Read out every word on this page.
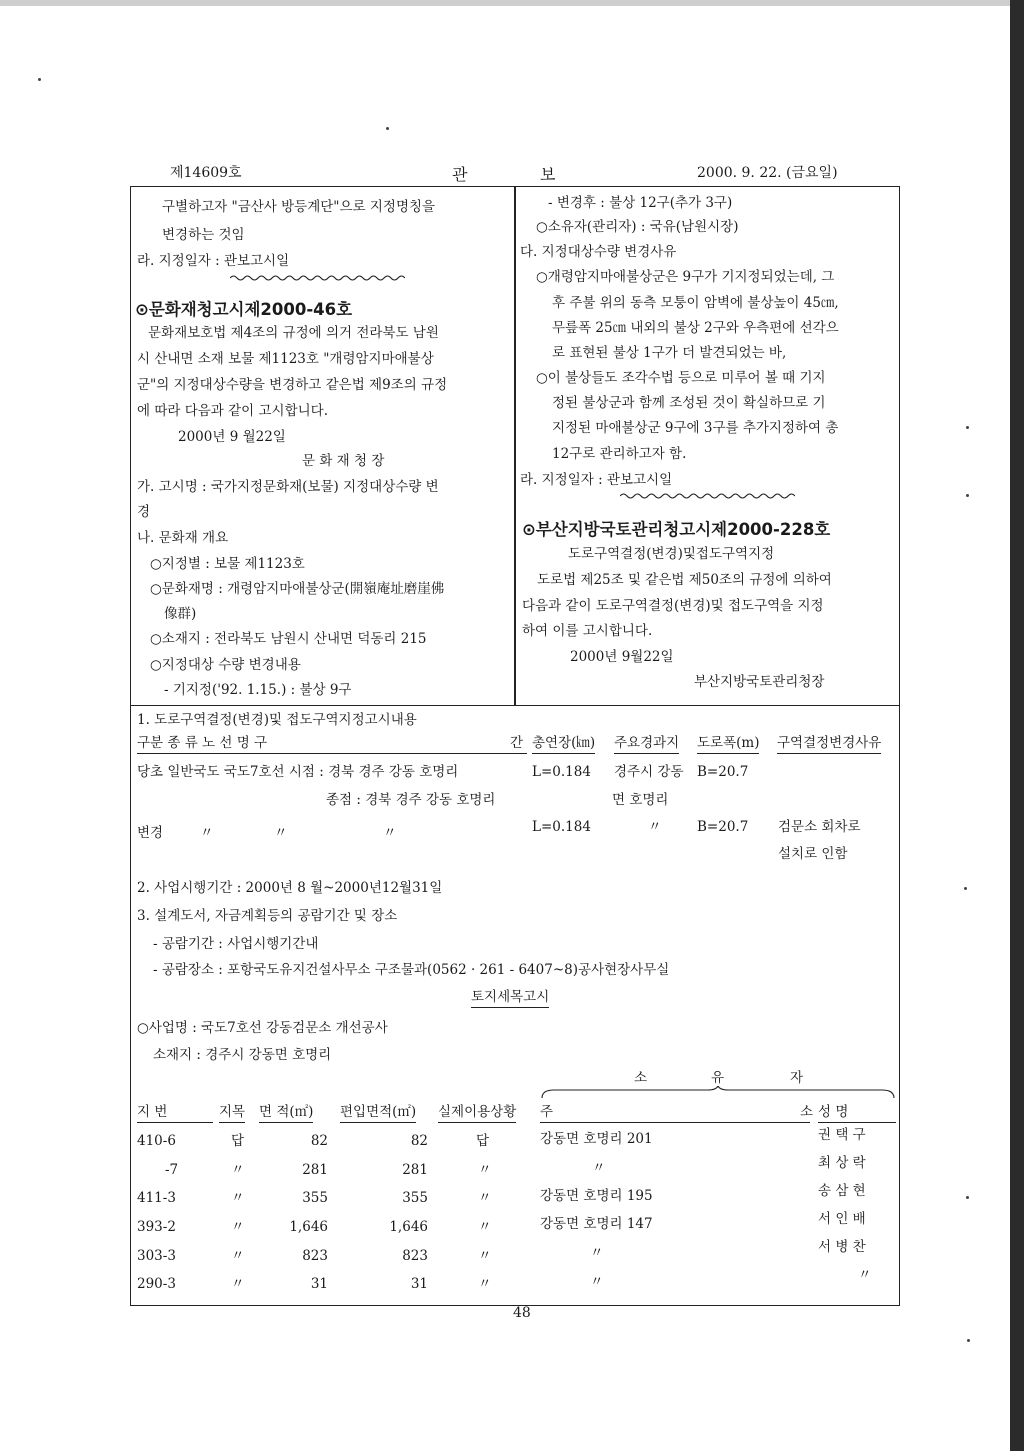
제14609호	관	보	2000. 9. 22. (금요일)
구별하고자 "금산사 방등계단"으로 지정명칭을
변경하는 것임
라. 지정일자 : 관보고시일
⊙문화재청고시제2000-46호
문화재보호법 제4조의 규정에 의거 전라북도 남원
시 산내면 소재 보물 제1123호 "개령암지마애불상
군"의 지정대상수량을 변경하고 같은법 제9조의 규정
에 따라 다음과 같이 고시합니다.
2000년 9 월22일
문 화 재 청 장
가. 고시명 : 국가지정문화재(보물) 지정대상수량 변
경
나. 문화재 개요
○지정별 : 보물 제1123호
○문화재명 : 개령암지마애불상군(開嶺庵址磨崖佛
像群)
○소재지 : 전라북도 남원시 산내면 덕동리 215
○지정대상 수량 변경내용
- 기지정('92. 1.15.) : 불상 9구
- 변경후 : 불상 12구(추가 3구)
○소유자(관리자) : 국유(남원시장)
다. 지정대상수량 변경사유
○개령암지마애불상군은 9구가 기지정되었는데, 그
후 주불 위의 동측 모퉁이 암벽에 불상높이 45㎝,
무릎폭 25㎝ 내외의 불상 2구와 우측편에 선각으
로 표현된 불상 1구가 더 발견되었는 바,
○이 불상들도 조각수법 등으로 미루어 볼 때 기지
정된 불상군과 함께 조성된 것이 확실하므로 기
지정된 마애불상군 9구에 3구를 추가지정하여 총
12구로 관리하고자 함.
라. 지정일자 : 관보고시일
⊙부산지방국토관리청고시제2000-228호
도로구역결정(변경)및접도구역지정
도로법 제25조 및 같은법 제50조의 규정에 의하여
다음과 같이 도로구역결정(변경)및 접도구역을 지정
하여 이를 고시합니다.
2000년 9월22일
부산지방국토관리청장
1. 도로구역결정(변경)및 접도구역지정고시내용
구분 종 류 노 선 명 구	간 총연장(㎞) 주요경과지 도로폭(m) 구역결정변경사유
당초 일반국도 국도7호선 시점 : 경북 경주 강동 호명리	L=0.184 경주시 강동 B=20.7
종점 : 경북 경주 강동 호명리	면 호명리
변경	〃	〃	〃	L=0.184	〃	B=20.7 검문소 회차로
설치로 인함
2. 사업시행기간 : 2000년 8 월~2000년12월31일
3. 설계도서, 자금계획등의 공람기간 및 장소
- 공람기간 : 사업시행기간내
- 공람장소 : 포항국도유지건설사무소 구조물과(0562 · 261 - 6407~8)공사현장사무실
토지세목고시
○사업명 : 국도7호선 강동검문소 개선공사
소재지 : 경주시 강동면 호명리
소	유	자
지 번	지목 면 적(㎡) 편입면적(㎡) 실제이용상황 주	소 성 명
410-6	답	82	82	답	강동면 호명리 201	권 택 구
-7	〃	281	281	〃	〃	최 상 락
411-3	〃	355	355	〃	강동면 호명리 195	송 삼 현
393-2	〃	1,646	1,646	〃	강동면 호명리 147	서 인 배
303-3	〃	823	823	〃	〃	서 병 찬
290-3	〃	31	31	〃	〃	〃
48
